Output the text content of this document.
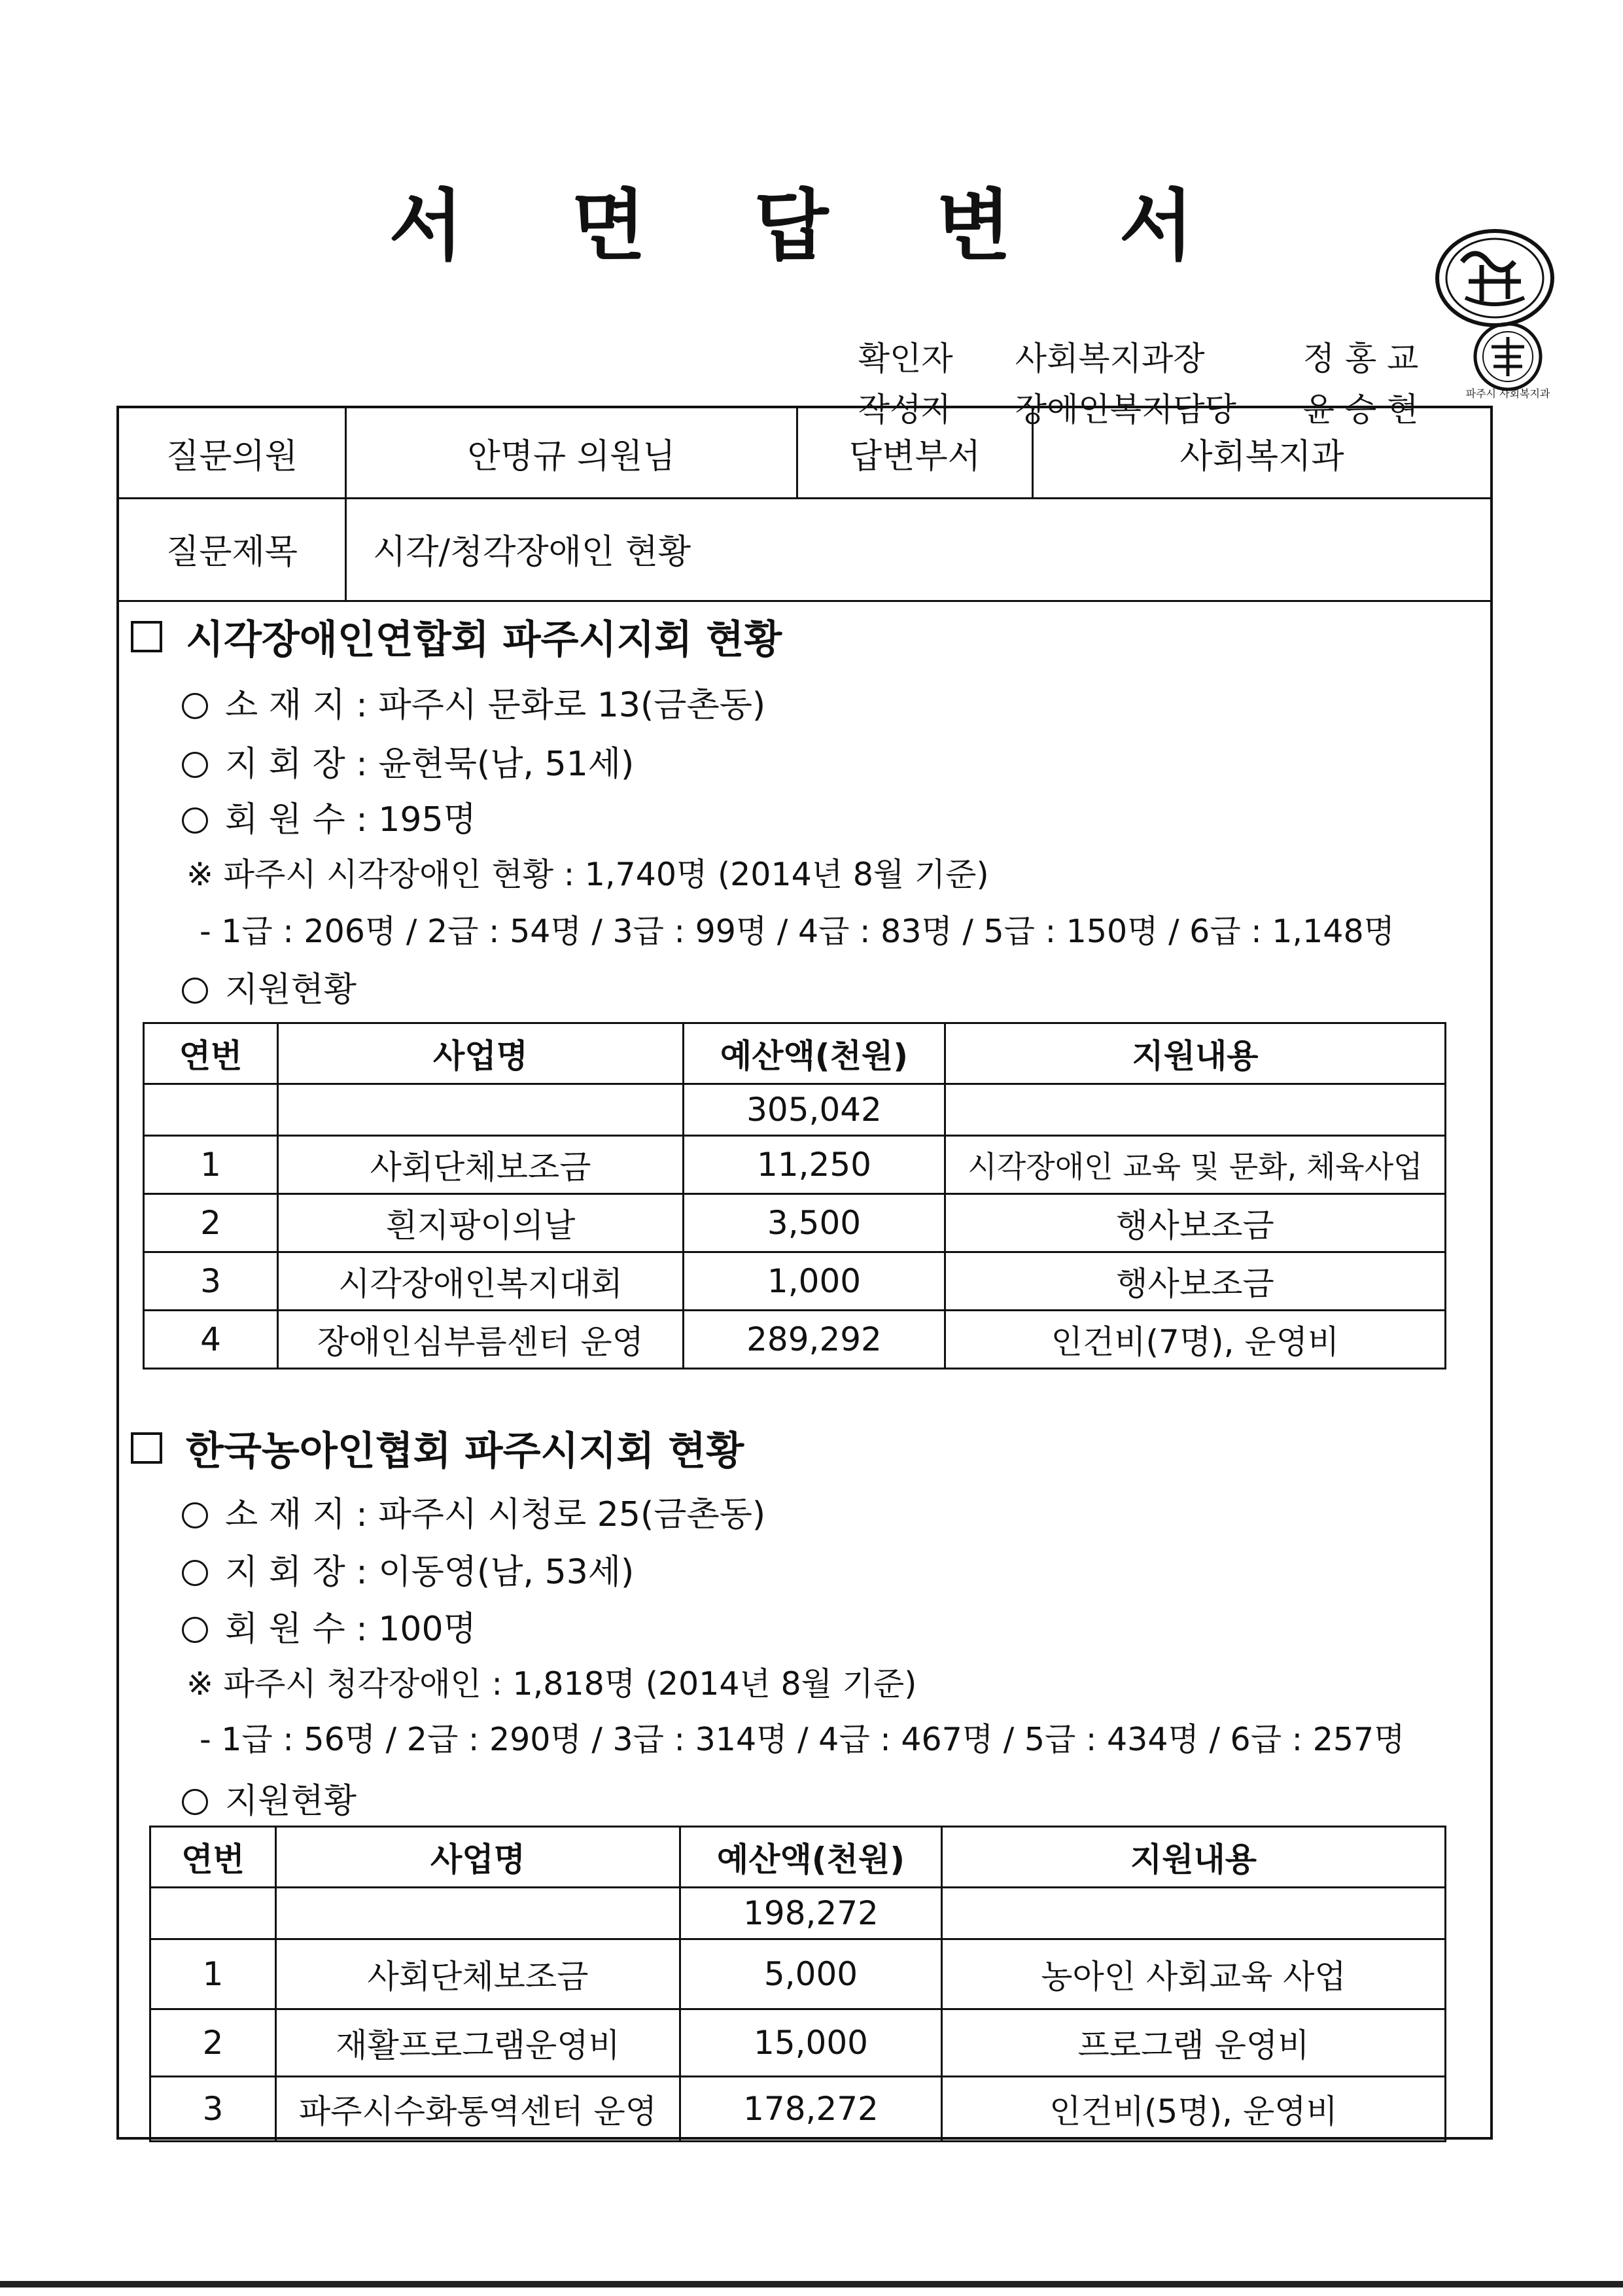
서 면 답 변 서

확인자 사회복지과장	정 홍 교

작성자 장애인복지담당 윤 승 현	파주시 사회복지과
질문의원	안명규 의원님	답변부서	사회복지과
질문제목	시각/청각장애인 현황
시각장애인연합회 파주시지회 현황
소 재 지 : 파주시 문화로 13(금촌동)
지 회 장 : 윤현묵(남, 51세)
회 원 수 : 195명
※ 파주시 시각장애인 현황 : 1,740명 (2014년 8월 기준)
- 1급 : 206명 / 2급 : 54명 / 3급 : 99명 / 4급 : 83명 / 5급 : 150명 / 6급 : 1,148명
지원현황
연번	사업명	예산액(천원)	지원내용
		305,042	
1	사회단체보조금	11,250	시각장애인 교육 및 문화, 체육사업
2	흰지팡이의날	3,500	행사보조금
3	시각장애인복지대회	1,000	행사보조금
4	장애인심부름센터 운영	289,292	인건비(7명), 운영비
한국농아인협회 파주시지회 현황
소 재 지 : 파주시 시청로 25(금촌동)
지 회 장 : 이동영(남, 53세)
회 원 수 : 100명
※ 파주시 청각장애인 : 1,818명 (2014년 8월 기준)
- 1급 : 56명 / 2급 : 290명 / 3급 : 314명 / 4급 : 467명 / 5급 : 434명 / 6급 : 257명
지원현황
연번	사업명	예산액(천원)	지원내용
		198,272	
1	사회단체보조금	5,000	농아인 사회교육 사업
2	재활프로그램운영비	15,000	프로그램 운영비
3	파주시수화통역센터 운영	178,272	인건비(5명), 운영비
